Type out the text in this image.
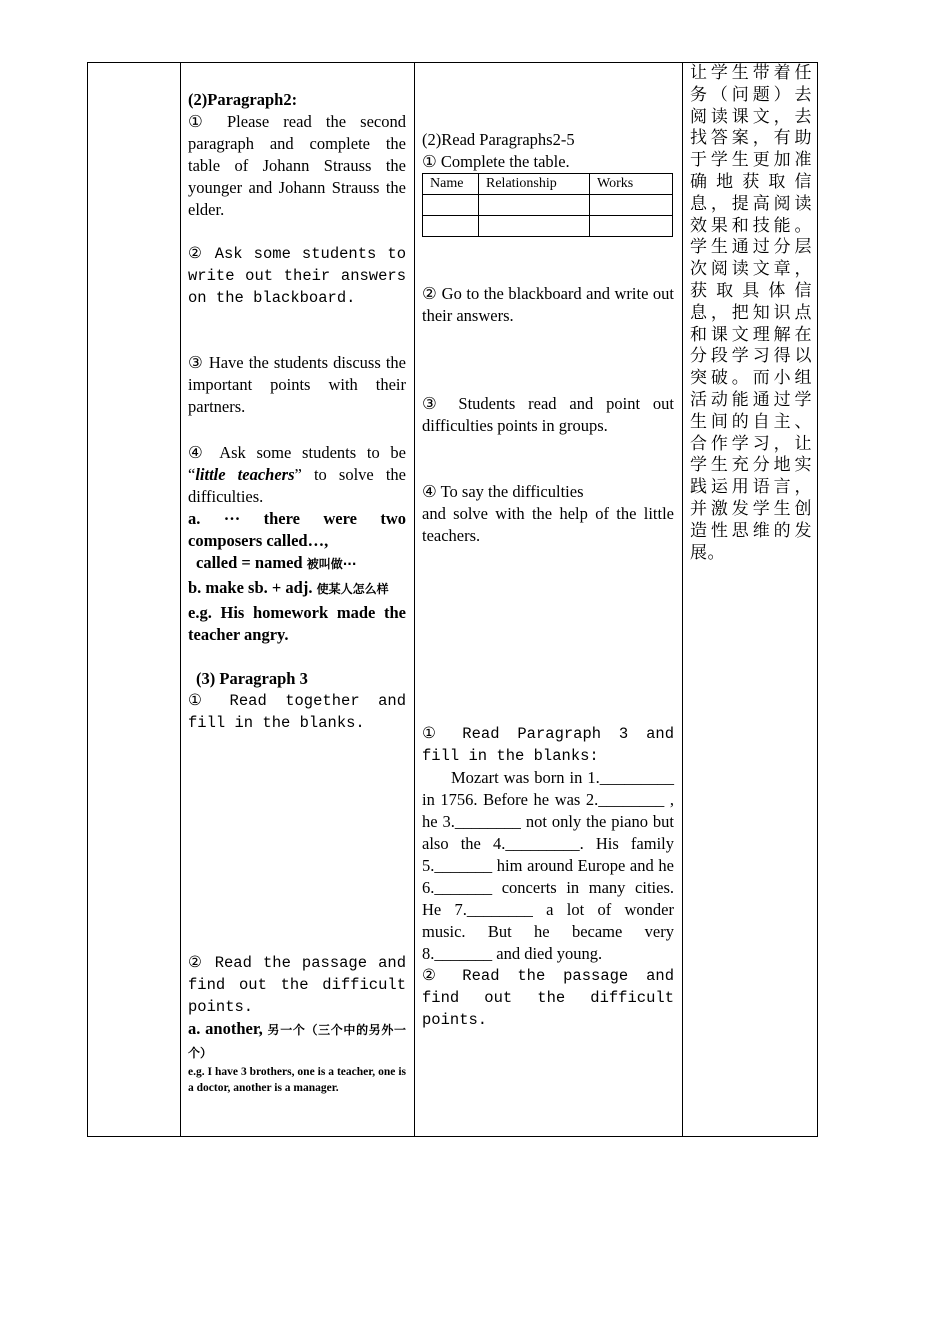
(2)Paragraph2:

① Please read the second paragraph and complete the table of Johann Strauss the younger and Johann Strauss the elder.

② Ask some students to write out their answers on the blackboard.

③ Have the students discuss the important points with their partners.

④ Ask some students to be “little teachers” to solve the difficulties.

a. ··· there were two composers called…,

called = named 被叫做···

b. make sb. + adj. 使某人怎么样

e.g. His homework made the teacher angry.

(3) Paragraph 3

① Read together and fill in the blanks.

② Read the passage and find out the difficult points.

a. another, 另一个（三个中的另外一个）

e.g. I have 3 brothers, one is a teacher, one is a doctor, another is a manager.

(2)Read Paragraphs2-5

① Complete the table.

Name	Relationship	Works

② Go to the blackboard and write out their answers.

③ Students read and point out difficulties points in groups.

④ To say the difficulties

and solve with the help of the little teachers.

① Read Paragraph 3 and fill in the blanks:

Mozart was born in 1._________ in 1756. Before he was 2.________ , he 3.________ not only the piano but also the 4._________. His family 5._______ him around Europe and he 6._______ concerts in many cities. He 7.________ a lot of wonder music. But he became very 8._______ and died young.

② Read the passage and find out the difficult points.

让学生带着任务（问题）去阅读课文，去找答案，有助于学生更加准确地获取信息，提高阅读效果和技能。学生通过分层次阅读文章，获取具体信息，把知识点和课文理解在分段学习得以突破。而小组活动能通过学生间的自主、合作学习，让学生充分地实践运用语言，并激发学生创造性思维的发展。
